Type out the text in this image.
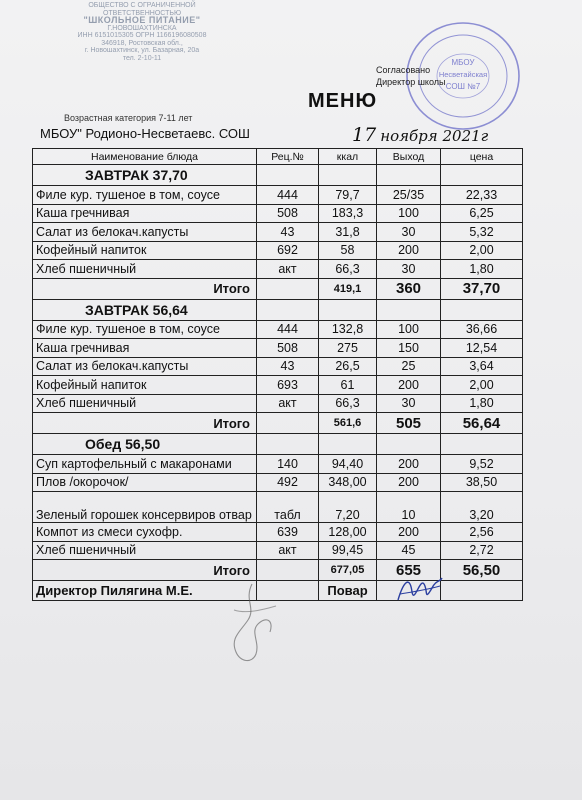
ОБЩЕСТВО С ОГРАНИЧЕННОЙ
ОТВЕТСТВЕННОСТЬЮ
"ШКОЛЬНОЕ ПИТАНИЕ"
Г.НОВОШАХТИНСКА
ИНН 6151015305 ОГРН 1166196080508
346918, Ростовская обл.,
г. Новошахтинск, ул. Базарная, 20а
тел. 2-10-11	МБОУ
Несветайская
СОШ №7
Согласовано
Директор школы
МЕНЮ
Возрастная категория 7-11 лет
МБОУ" Родионо-Несветаевс. СОШ	17 ноября 2021г
Наименование блюда	Рец.№	ккал	Выход	цена
ЗАВТРАК 37,70				
Филе кур. тушеное в том, соусе	444	79,7	25/35	22,33
Каша гречнивая	508	183,3	100	6,25
Салат из белокач.капусты	43	31,8	30	5,32
Кофейный напиток	692	58	200	2,00
Хлеб пшеничный	акт	66,3	30	1,80
Итого		419,1	360	37,70
ЗАВТРАК 56,64				
Филе кур. тушеное в том, соусе	444	132,8	100	36,66
Каша гречнивая	508	275	150	12,54
Салат из белокач.капусты	43	26,5	25	3,64
Кофейный напиток	693	61	200	2,00
Хлеб пшеничный	акт	66,3	30	1,80
Итого		561,6	505	56,64
Обед 56,50				
Суп картофельный с макаронами	140	94,40	200	9,52
Плов /окорочок/	492	348,00	200	38,50
Зеленый горошек консервиров отвар	табл	7,20	10	3,20
Компот из смеси сухофр.	639	128,00	200	2,56
Хлеб пшеничный	акт	99,45	45	2,72
Итого		677,05	655	56,50
Директор Пилягина М.Е.		Повар		
